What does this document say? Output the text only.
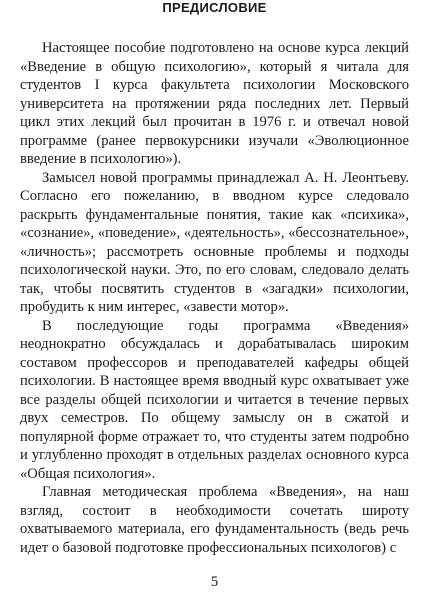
ПРЕДИСЛОВИЕ

Настоящее пособие подготовлено на основе курса лекций «Введение в общую психологию», который я читала для студентов I курса факультета психологии Московского университета на протяжении ряда последних лет. Первый цикл этих лекций был прочитан в 1976 г. и отвечал новой программе (ранее первокурсники изучали «Эволюционное введение в психологию»).

Замысел новой программы принадлежал А. Н. Леонтьеву. Согласно его пожеланию, в вводном курсе следовало раскрыть фундаментальные понятия, такие как «психика», «сознание», «поведение», «деятельность», «бессознательное», «личность»; рассмотреть основные проблемы и подходы психологической науки. Это, по его словам, следовало делать так, чтобы посвятить студентов в «загадки» психологии, пробудить к ним интерес, «завести мотор».

В последующие годы программа «Введения» неоднократно обсуждалась и дорабатывалась широким составом профессоров и преподавателей кафедры общей психологии. В настоящее время вводный курс охватывает уже все разделы общей психологии и читается в течение первых двух семестров. По общему замыслу он в сжатой и популярной форме отражает то, что студенты затем подробно и углубленно проходят в отдельных разделах основного курса «Общая психология».

Главная методическая проблема «Введения», на наш взгляд, состоит в необходимости сочетать широту охватываемого материала, его фундаментальность (ведь речь идет о базовой подготовке профессиональных психологов) с

5
